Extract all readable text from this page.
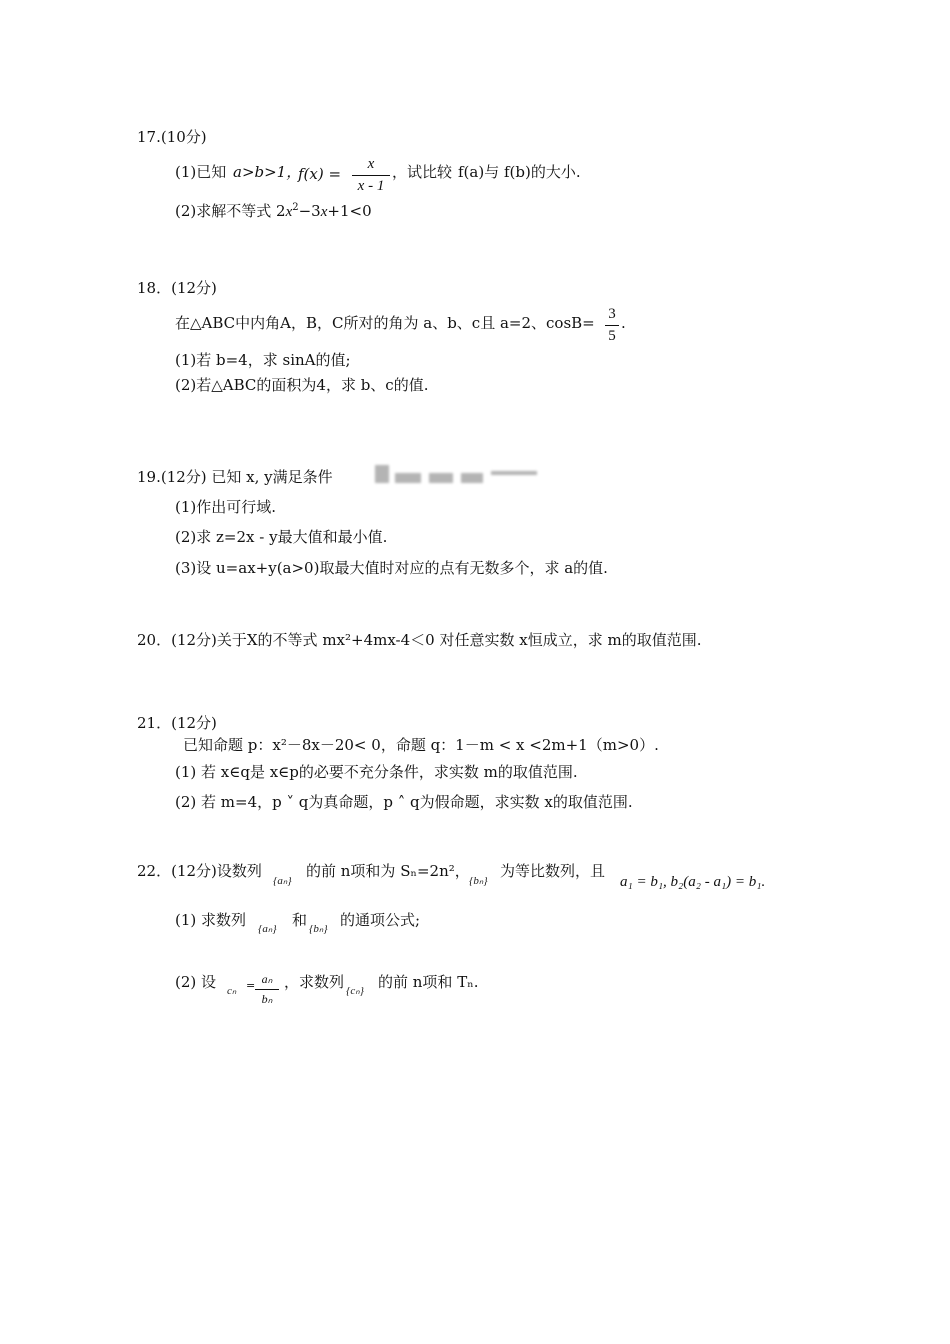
17.(10分)
(1)已知 a>b>1，
f(x) =
x
x - 1
，试比较 f(a)与 f(b)的大小.
(2)求解不等式 $2x^2-3x+1<0$
18．(12分)
在△ABC中内角A，B，C所对的角为 a、b、c且 a=2、cosB= 3
5
.
(1)若 b=4，求 sinA的值;
(2)若△ABC的面积为4，求 b、c的值.
19.(12分) 已知 x, y满足条件
(1)作出可行域.
(2)求 z=2x - y最大值和最小值.
(3)设 u=ax+y(a>0)取最大值时对应的点有无数多个，求 a的值.
20．(12分)关于X的不等式 mx²+4mx-4＜0 对任意实数 x恒成立，求 m的取值范围.
21．(12分)
已知命题 p：x²－8x－20< 0，命题 q：1－m < x <2m+1（m>0）.
(1) 若 x∈q是 x∈p的必要不充分条件，求实数 m的取值范围.
(2) 若 m=4，p ˅ q为真命题，p ˄ q为假命题，求实数 x的取值范围.
22．(12分)设数列
{aₙ}
的前 n项和为 Sₙ=2n²，
{bₙ}
为等比数列，且
a₁ = b₁, b₂(a₂ - a₁) = b₁.
(1) 求数列 {aₙ} 和 {bₙ} 的通项公式;
(2) 设 cₙ = aₙ
bₙ
，求数列 {cₙ} 的前 n项和 Tₙ.
